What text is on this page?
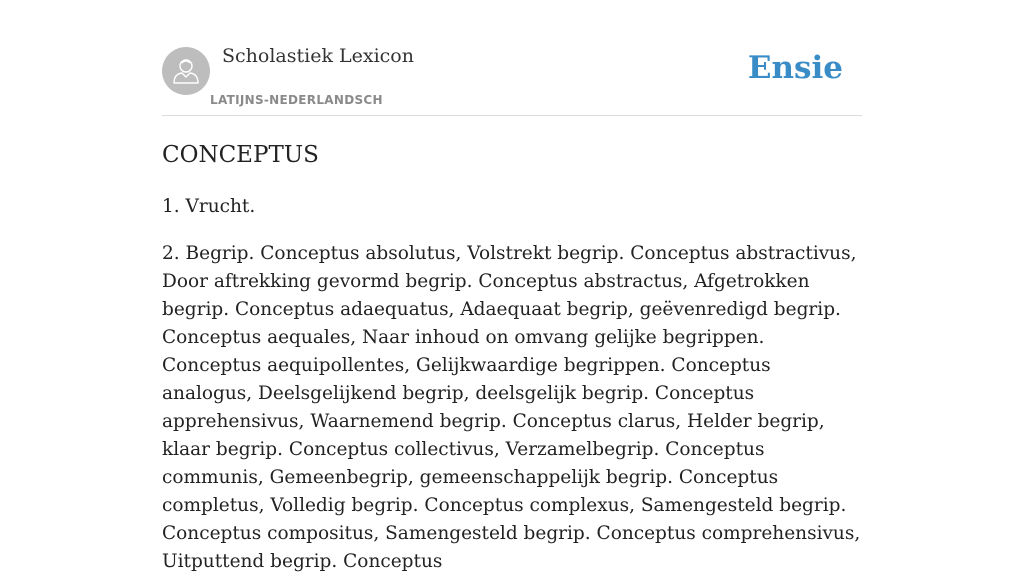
Scholastiek Lexicon
LATIJNS-NEDERLANDSCH
Ensie
CONCEPTUS

1. Vrucht.

2. Begrip. Conceptus absolutus, Volstrekt begrip. Conceptus abstractivus, Door aftrekking gevormd begrip. Conceptus abstractus, Afgetrokken begrip. Conceptus adaequatus, Adaequaat begrip, geëvenredigd begrip. Conceptus aequales, Naar inhoud on omvang gelijke begrippen. Conceptus aequipollentes, Gelijkwaardige begrippen. Conceptus analogus, Deelsgelijkend begrip, deelsgelijk begrip. Conceptus apprehensivus, Waarnemend begrip. Conceptus clarus, Helder begrip, klaar begrip. Conceptus collectivus, Verzamelbegrip. Conceptus communis, Gemeenbegrip, gemeenschappelijk begrip. Conceptus completus, Volledig begrip. Conceptus complexus, Samengesteld begrip. Conceptus compositus, Samengesteld begrip. Conceptus comprehensivus, Uitputtend begrip. Conceptus
